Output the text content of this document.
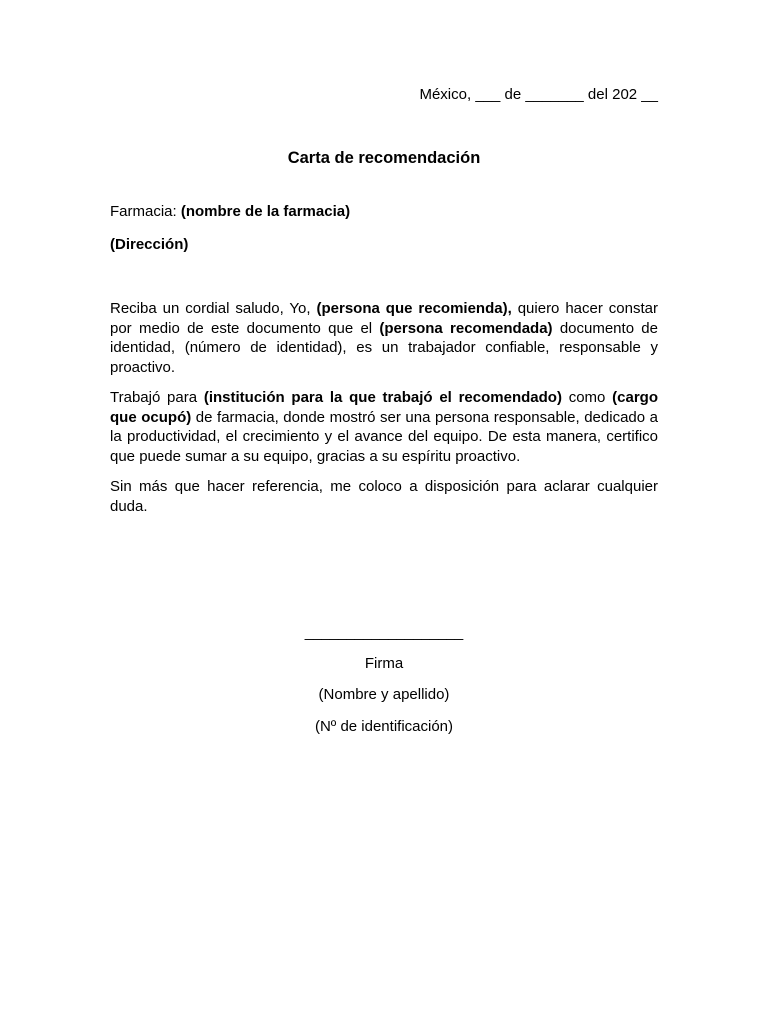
México, ___ de _______ del 202 __
Carta de recomendación
Farmacia: (nombre de la farmacia)
(Dirección)

Reciba un cordial saludo, Yo, (persona que recomienda), quiero hacer constar por medio de este documento que el (persona recomendada) documento de identidad, (número de identidad), es un trabajador confiable, responsable y proactivo.

Trabajó para (institución para la que trabajó el recomendado) como (cargo que ocupó) de farmacia, donde mostró ser una persona responsable, dedicado a la productividad, el crecimiento y el avance del equipo. De esta manera, certifico que puede sumar a su equipo, gracias a su espíritu proactivo.

Sin más que hacer referencia, me coloco a disposición para aclarar cualquier duda.

___________________
Firma
(Nombre y apellido)
(Nº de identificación)
